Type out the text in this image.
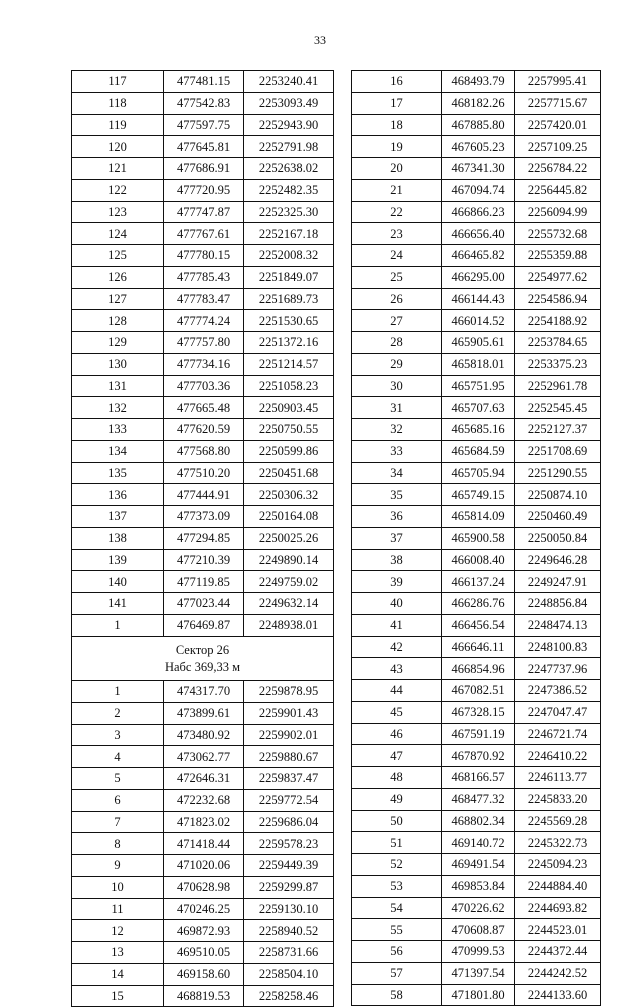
33
117	477481.15	2253240.41
118	477542.83	2253093.49
119	477597.75	2252943.90
120	477645.81	2252791.98
121	477686.91	2252638.02
122	477720.95	2252482.35
123	477747.87	2252325.30
124	477767.61	2252167.18
125	477780.15	2252008.32
126	477785.43	2251849.07
127	477783.47	2251689.73
128	477774.24	2251530.65
129	477757.80	2251372.16
130	477734.16	2251214.57
131	477703.36	2251058.23
132	477665.48	2250903.45
133	477620.59	2250750.55
134	477568.80	2250599.86
135	477510.20	2250451.68
136	477444.91	2250306.32
137	477373.09	2250164.08
138	477294.85	2250025.26
139	477210.39	2249890.14
140	477119.85	2249759.02
141	477023.44	2249632.14
1	476469.87	2248938.01

Сектор 26
Набс 369,33 м		

1	474317.70	2259878.95
2	473899.61	2259901.43
3	473480.92	2259902.01
4	473062.77	2259880.67
5	472646.31	2259837.47
6	472232.68	2259772.54
7	471823.02	2259686.04
8	471418.44	2259578.23
9	471020.06	2259449.39
10	470628.98	2259299.87
11	470246.25	2259130.10
12	469872.93	2258940.52
13	469510.05	2258731.66
14	469158.60	2258504.10
15	468819.53	2258258.46
16	468493.79	2257995.41
17	468182.26	2257715.67
18	467885.80	2257420.01
19	467605.23	2257109.25
20	467341.30	2256784.22
21	467094.74	2256445.82
22	466866.23	2256094.99
23	466656.40	2255732.68
24	466465.82	2255359.88
25	466295.00	2254977.62
26	466144.43	2254586.94
27	466014.52	2254188.92
28	465905.61	2253784.65
29	465818.01	2253375.23
30	465751.95	2252961.78
31	465707.63	2252545.45
32	465685.16	2252127.37
33	465684.59	2251708.69
34	465705.94	2251290.55
35	465749.15	2250874.10
36	465814.09	2250460.49
37	465900.58	2250050.84
38	466008.40	2249646.28
39	466137.24	2249247.91
40	466286.76	2248856.84
41	466456.54	2248474.13
42	466646.11	2248100.83
43	466854.96	2247737.96
44	467082.51	2247386.52
45	467328.15	2247047.47
46	467591.19	2246721.74
47	467870.92	2246410.22
48	468166.57	2246113.77
49	468477.32	2245833.20
50	468802.34	2245569.28
51	469140.72	2245322.73
52	469491.54	2245094.23
53	469853.84	2244884.40
54	470226.62	2244693.82
55	470608.87	2244523.01
56	470999.53	2244372.44
57	471397.54	2244242.52
58	471801.80	2244133.60
